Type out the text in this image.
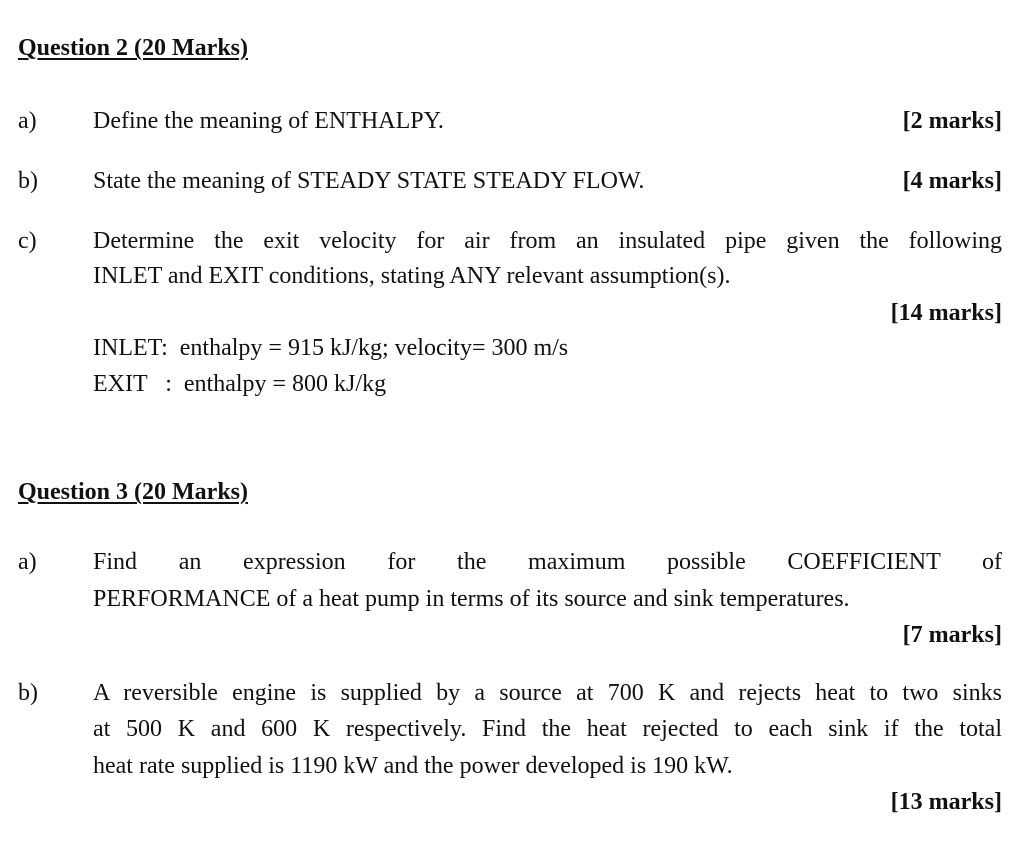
Question 2 (20 Marks)
a) Define the meaning of ENTHALPY.	[2 marks]
b) State the meaning of STEADY STATE STEADY FLOW.	[4 marks]
c) Determine the exit velocity for air from an insulated pipe given the following
INLET and EXIT conditions, stating ANY relevant assumption(s).
[14 marks]
INLET:  enthalpy = 915 kJ/kg; velocity= 300 m/s
EXIT   :  enthalpy = 800 kJ/kg
Question 3 (20 Marks)
a) Find an expression for the maximum possible COEFFICIENT of
PERFORMANCE of a heat pump in terms of its source and sink temperatures.
[7 marks]
b) A reversible engine is supplied by a source at 700 K and rejects heat to two sinks
at 500 K and 600 K respectively. Find the heat rejected to each sink if the total
heat rate supplied is 1190 kW and the power developed is 190 kW.
[13 marks]
